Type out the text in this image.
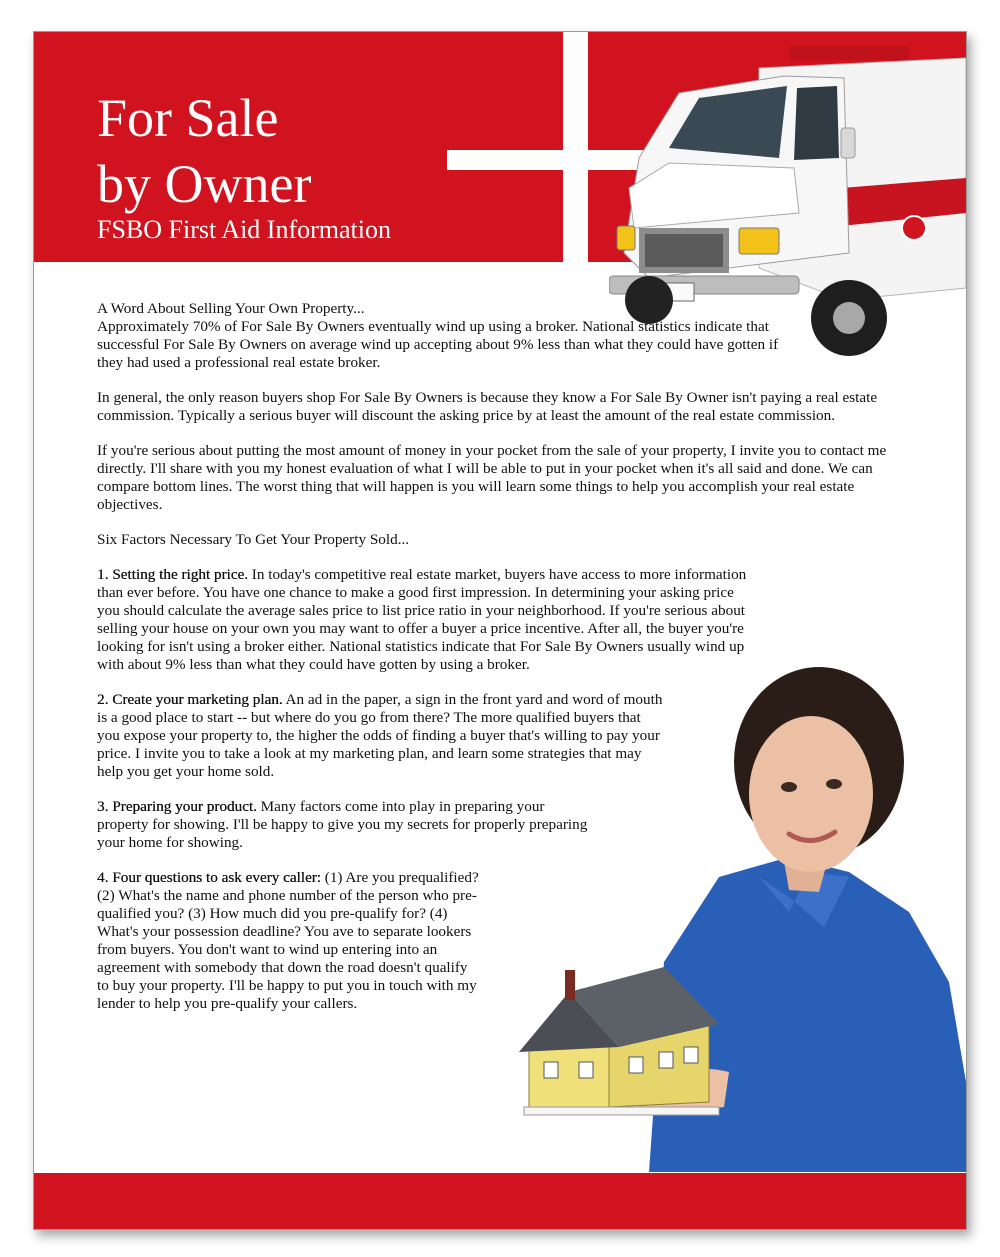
For Sale
by Owner
FSBO First Aid Information
A Word About Selling Your Own Property...
Approximately 70% of For Sale By Owners eventually wind up using a broker. National statistics indicate that successful For Sale By Owners on average wind up accepting about 9% less than what they could have gotten if they had used a professional real estate broker.

In general, the only reason buyers shop For Sale By Owners is because they know a For Sale By Owner isn't paying a real estate commission. Typically a serious buyer will discount the asking price by at least the amount of the real estate commission.

If you're serious about putting the most amount of money in your pocket from the sale of your property, I invite you to contact me directly. I'll share with you my honest evaluation of what I will be able to put in your pocket when it's all said and done. We can compare bottom lines. The worst thing that will happen is you will learn some things to help you accomplish your real estate objectives.

Six Factors Necessary To Get Your Property Sold...

1. Setting the right price. In today's competitive real estate market, buyers have access to more information than ever before. You have one chance to make a good first impression. In determining your asking price you should calculate the average sales price to list price ratio in your neighborhood. If you're serious about selling your house on your own you may want to offer a buyer a price incentive. After all, the buyer you're looking for isn't using a broker either. National statistics indicate that For Sale By Owners usually wind up with about 9% less than what they could have gotten by using a broker.

2. Create your marketing plan. An ad in the paper, a sign in the front yard and word of mouth is a good place to start -- but where do you go from there? The more qualified buyers that you expose your property to, the higher the odds of finding a buyer that's willing to pay your price. I invite you to take a look at my marketing plan, and learn some strategies that may help you get your home sold.

3. Preparing your product. Many factors come into play in preparing your property for showing. I'll be happy to give you my secrets for properly preparing your home for showing.

4. Four questions to ask every caller: (1) Are you prequalified? (2) What's the name and phone number of the person who pre-qualified you? (3) How much did you pre-qualify for? (4) What's your possession deadline? You ave to separate lookers from buyers. You don't want to wind up entering into an agreement with somebody that down the road doesn't qualify to buy your property. I'll be happy to put you in touch with my lender to help you pre-qualify your callers.
